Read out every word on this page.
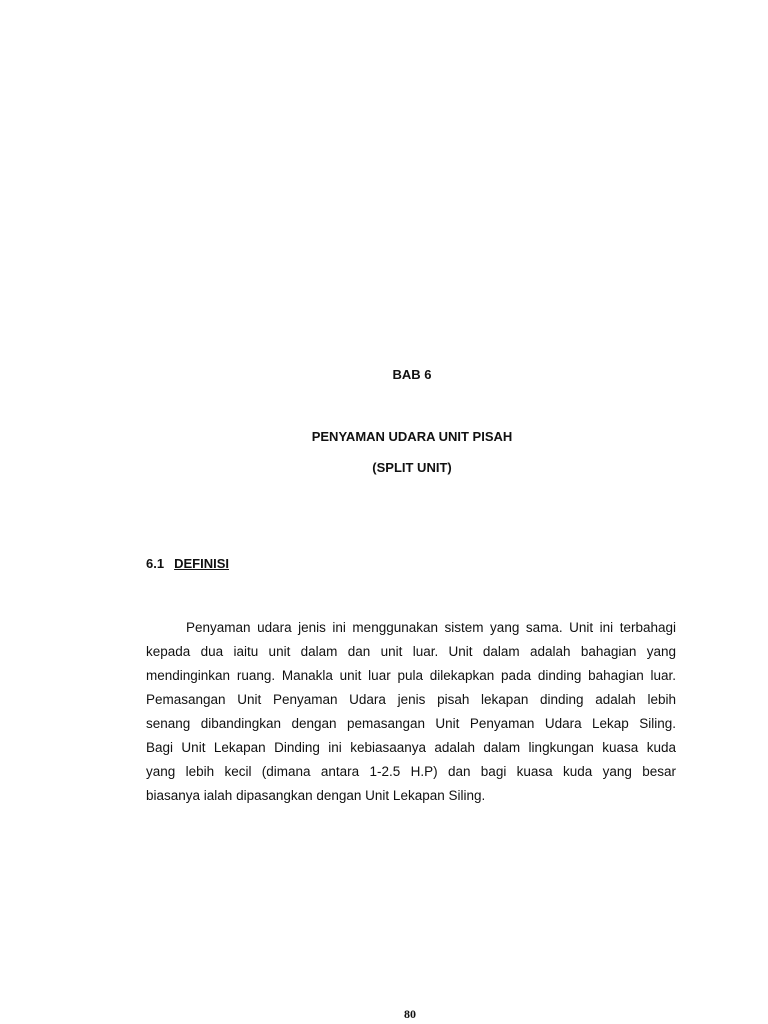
BAB 6
PENYAMAN UDARA UNIT PISAH
(SPLIT UNIT)
6.1 DEFINISI
Penyaman udara jenis ini menggunakan sistem yang sama. Unit ini terbahagi
kepada dua iaitu unit dalam dan unit luar. Unit dalam adalah bahagian yang
mendinginkan ruang. Manakla unit luar pula dilekapkan pada dinding bahagian luar.
Pemasangan Unit Penyaman Udara jenis pisah lekapan dinding adalah lebih
senang dibandingkan dengan pemasangan Unit Penyaman Udara Lekap Siling.
Bagi Unit Lekapan Dinding ini kebiasaanya adalah dalam lingkungan kuasa kuda
yang lebih kecil (dimana antara 1-2.5 H.P) dan bagi kuasa kuda yang besar
biasanya ialah dipasangkan dengan Unit Lekapan Siling.
80
